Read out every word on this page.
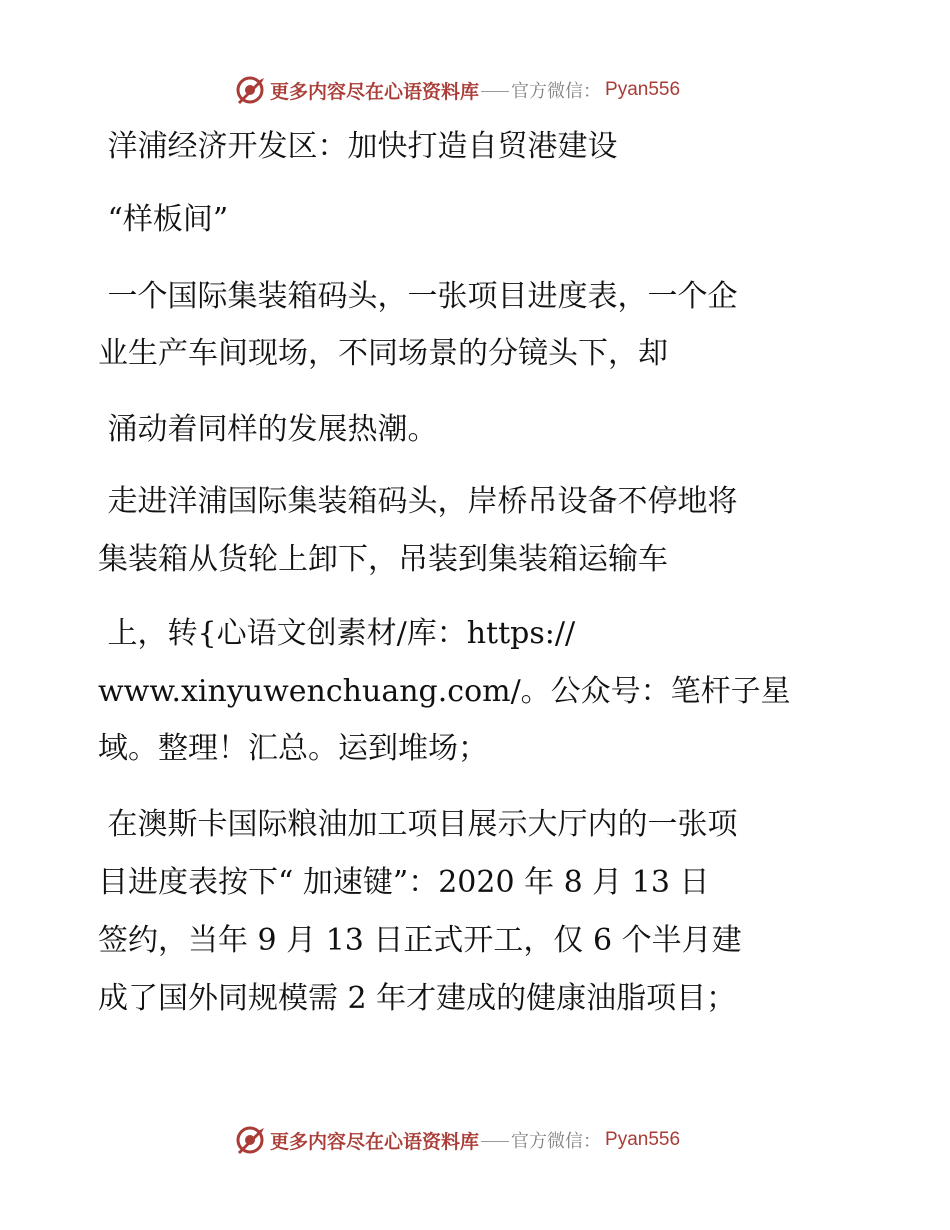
更多内容尽在心语资料库 官方微信： Pyan556
洋浦经济开发区：加快打造自贸港建设
“样板间”
一个国际集装箱码头，一张项目进度表，一个企
业生产车间现场，不同场景的分镜头下，却
涌动着同样的发展热潮。
走进洋浦国际集装箱码头，岸桥吊设备不停地将
集装箱从货轮上卸下，吊装到集装箱运输车
上，转{心语文创素材/库：https://
www.xinyuwenchuang.com/。公众号：笔杆子星
域。整理！汇总。运到堆场；
在澳斯卡国际粮油加工项目展示大厅内的一张项
目进度表按下“ 加速键”：2020 年 8 月 13 日
签约，当年 9 月 13 日正式开工，仅 6 个半月建
成了国外同规模需 2 年才建成的健康油脂项目；
更多内容尽在心语资料库 官方微信： Pyan556
